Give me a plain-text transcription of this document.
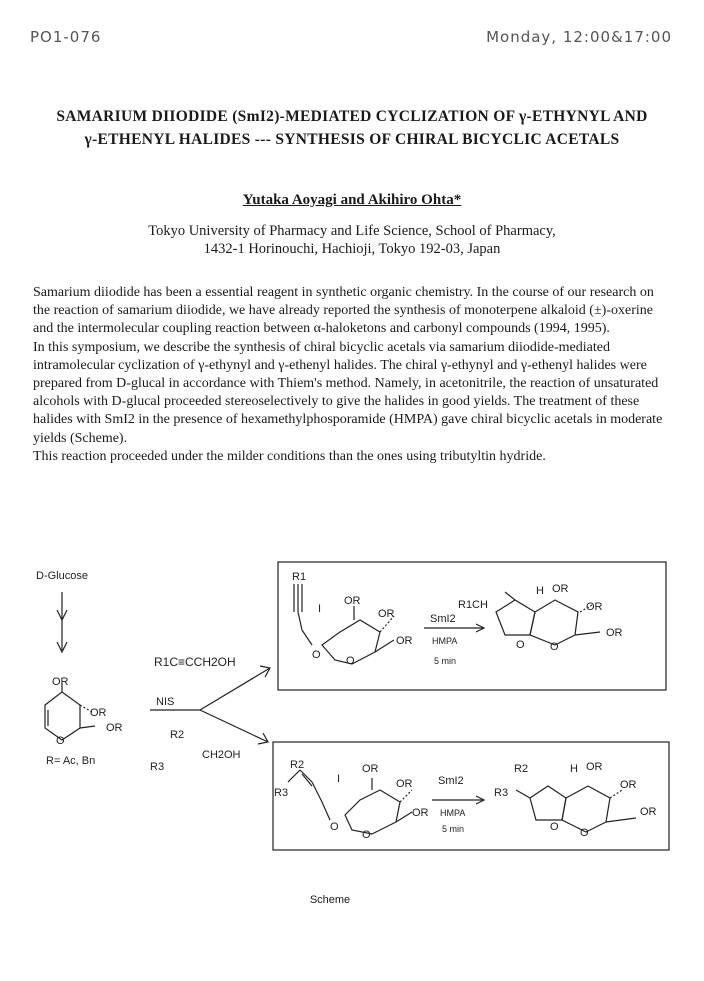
PO1-076	Monday, 12:00&17:00
SAMARIUM DIIODIDE (SmI2)-MEDIATED CYCLIZATION OF γ-ETHYNYL AND
γ-ETHENYL HALIDES --- SYNTHESIS OF CHIRAL BICYCLIC ACETALS
Yutaka Aoyagi and Akihiro Ohta*
Tokyo University of Pharmacy and Life Science, School of Pharmacy,
1432-1 Horinouchi, Hachioji, Tokyo 192-03, Japan

Samarium diiodide has been a essential reagent in synthetic organic chemistry. In the course of our research on the reaction of samarium diiodide, we have already reported the synthesis of monoterpene alkaloid (±)-oxerine and the intermolecular coupling reaction between α-haloketons and carbonyl compounds (1994, 1995).

In this symposium, we describe the synthesis of chiral bicyclic acetals via samarium diiodide-mediated intramolecular cyclization of γ-ethynyl and γ-ethenyl halides. The chiral γ-ethynyl and γ-ethenyl halides were prepared from D-glucal in accordance with Thiem's method. Namely, in acetonitrile, the reaction of unsaturated alcohols with D-glucal proceeded stereoselectively to give the halides in good yields. The treatment of these halides with SmI2 in the presence of hexamethylphosporamide (HMPA) gave chiral bicyclic acetals in moderate yields (Scheme).

This reaction proceeded under the milder conditions than the ones using tributyltin hydride.

D-Glucose
OR
OR
OR
O
R= Ac, Bn
R1C≡CCH2OH
NIS
R2
R3
CH2OH
R1
I
OR
OR
OR
O O
SmI2
HMPA
5 min
R1CH
H OR
OR
OR
O O
R2
R3
I
OR
OR
OR
O
O
SmI2
HMPA
5 min
R2
R3
H OR
OR
OR
O O
Scheme
